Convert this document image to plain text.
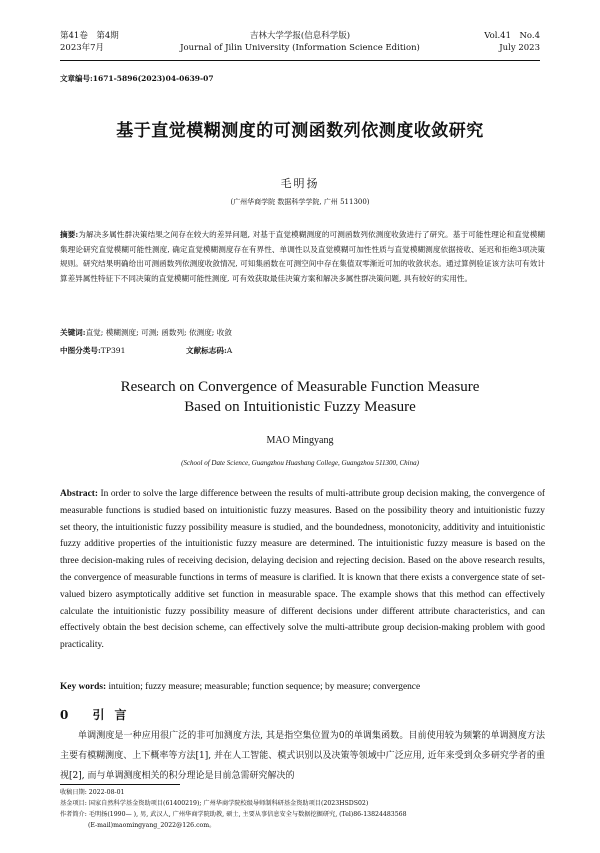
第41卷　第4期
2023年7月
吉林大学学报(信息科学版)
Journal of Jilin University (Information Science Edition)
Vol.41　No.4
July 2023
文章编号:1671-5896(2023)04-0639-07
基于直觉模糊测度的可测函数列依测度收敛研究
毛明扬
(广州华商学院 数据科学学院, 广州 511300)
摘要:为解决多属性群决策结果之间存在较大的差异问题, 对基于直觉模糊测度的可测函数列依测度收敛进行了研究。基于可能性理论和直觉模糊集理论研究直觉模糊可能性测度, 确定直觉模糊测度存在有界性、单调性以及直觉模糊可加性性质与直觉模糊测度依据接收、延迟和拒绝3项决策规则。研究结果明确给出可测函数列依测度收敛情况, 可知集函数在可测空间中存在集值双零渐近可加的收敛状态。通过算例验证该方法可有效计算差异属性特征下不同决策的直觉模糊可能性测度, 可有效获取最佳决策方案和解决多属性群决策问题, 具有较好的实用性。
关键词:直觉; 模糊测度; 可测; 函数列; 依测度; 收敛
中图分类号:TP391	文献标志码:A
Research on Convergence of Measurable Function Measure
Based on Intuitionistic Fuzzy Measure
MAO Mingyang
(School of Date Science, Guangzhou Huashang College, Guangzhou 511300, China)
Abstract: In order to solve the large difference between the results of multi-attribute group decision making, the convergence of measurable functions is studied based on intuitionistic fuzzy measures. Based on the possibility theory and intuitionistic fuzzy set theory, the intuitionistic fuzzy possibility measure is studied, and the boundedness, monotonicity, additivity and intuitionistic fuzzy additive properties of the intuitionistic fuzzy measure are determined. The intuitionistic fuzzy measure is based on the three decision-making rules of receiving decision, delaying decision and rejecting decision. Based on the above research results, the convergence of measurable functions in terms of measure is clarified. It is known that there exists a convergence state of set-valued bizero asymptotically additive set function in measurable space. The example shows that this method can effectively calculate the intuitionistic fuzzy possibility measure of different decisions under different attribute characteristics, and can effectively obtain the best decision scheme, can effectively solve the multi-attribute group decision-making problem with good practicality.
Key words: intuition; fuzzy measure; measurable; function sequence; by measure; convergence
0 引言
单调测度是一种应用很广泛的非可加测度方法, 其是指空集位置为0的单调集函数。目前使用较为频繁的单调测度方法主要有模糊测度、上下概率等方法[1], 并在人工智能、模式识别以及决策等领域中广泛应用, 近年来受到众多研究学者的重视[2], 而与单调测度相关的积分理论是目前急需研究解决的
收稿日期: 2022-08-01
基金项目: 国家自然科学基金资助项目(61400219); 广州华商学院校级导师制科研基金资助项目(2023HSDS02)
作者简介: 毛明扬(1990— ), 男, 武汉人, 广州华商学院助教, 硕士, 主要从事信息安全与数据挖掘研究, (Tel)86-13824483568
(E-mail)maomingyang_2022@126.com。
